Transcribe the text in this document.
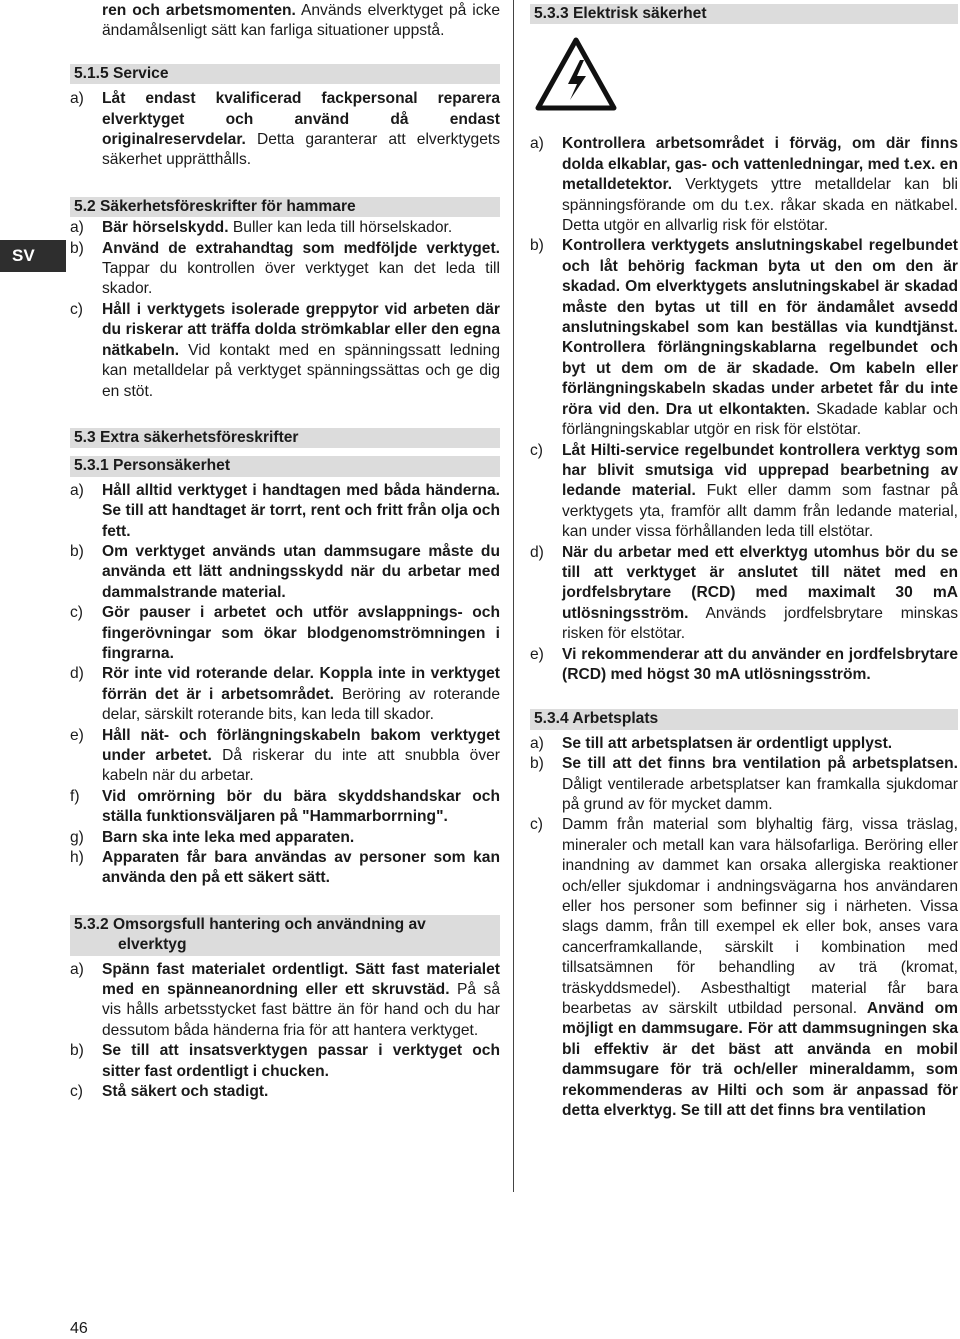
SV

ren och arbetsmomenten. Används elverktyget på icke ändamålsenligt sätt kan farliga situationer uppstå.

5.1.5 Service
a)	Låt endast kvalificerad fackpersonal reparera elverktyget och använd då endast originalreservdelar. Detta garanterar att elverktygets säkerhet upprätthålls.
5.2 Säkerhetsföreskrifter för hammare
a)	Bär hörselskydd. Buller kan leda till hörselskador.
b)	Använd de extrahandtag som medföljde verktyget. Tappar du kontrollen över verktyget kan det leda till skador.
c)	Håll i verktygets isolerade greppytor vid arbeten där du riskerar att träffa dolda strömkablar eller den egna nätkabeln. Vid kontakt med en spänningssatt ledning kan metalldelar på verktyget spänningssättas och ge dig en stöt.
5.3 Extra säkerhetsföreskrifter
5.3.1 Personsäkerhet
a)	Håll alltid verktyget i handtagen med båda händerna. Se till att handtaget är torrt, rent och fritt från olja och fett.
b)	Om verktyget används utan dammsugare måste du använda ett lätt andningsskydd när du arbetar med dammalstrande material.
c)	Gör pauser i arbetet och utför avslappnings- och fingerövningar som ökar blodgenomströmningen i fingrarna.
d)	Rör inte vid roterande delar. Koppla inte in verktyget förrän det är i arbetsområdet. Beröring av roterande delar, särskilt roterande bits, kan leda till skador.
e)	Håll nät- och förlängningskabeln bakom verktyget under arbetet. Då riskerar du inte att snubbla över kabeln när du arbetar.
f)	Vid omrörning bör du bära skyddshandskar och ställa funktionsväljaren på "Hammarborrning".
g)	Barn ska inte leka med apparaten.
h)	Apparaten får bara användas av personer som kan använda den på ett säkert sätt.
5.3.2 Omsorgsfull hantering och användning av
elverktyg
a)	Spänn fast materialet ordentligt. Sätt fast materialet med en spänneanordning eller ett skruvstäd. På så vis hålls arbetsstycket fast bättre än för hand och du har dessutom båda händerna fria för att hantera verktyget.
b)	Se till att insatsverktygen passar i verktyget och sitter fast ordentligt i chucken.
c)	Stå säkert och stadigt.
5.3.3 Elektrisk säkerhet
a)	Kontrollera arbetsområdet i förväg, om där finns dolda elkablar, gas- och vattenledningar, med t.ex. en metalldetektor. Verktygets yttre metalldelar kan bli spänningsförande om du t.ex. råkar skada en nätkabel. Detta utgör en allvarlig risk för elstötar.
b)	Kontrollera verktygets anslutningskabel regelbundet och låt behörig fackman byta ut den om den är skadad. Om elverktygets anslutningskabel är skadad måste den bytas ut till en för ändamålet avsedd anslutningskabel som kan beställas via kundtjänst. Kontrollera förlängningskablarna regelbundet och byt ut dem om de är skadade. Om kabeln eller förlängningskabeln skadas under arbetet får du inte röra vid den. Dra ut elkontakten. Skadade kablar och förlängningskablar utgör en risk för elstötar.
c)	Låt Hilti-service regelbundet kontrollera verktyg som har blivit smutsiga vid upprepad bearbetning av ledande material. Fukt eller damm som fastnar på verktygets yta, framför allt damm från ledande material, kan under vissa förhållanden leda till elstötar.
d)	När du arbetar med ett elverktyg utomhus bör du se till att verktyget är anslutet till nätet med en jordfelsbrytare (RCD) med maximalt 30 mA utlösningsström. Används jordfelsbrytare minskas risken för elstötar.
e)	Vi rekommenderar att du använder en jordfelsbrytare (RCD) med högst 30 mA utlösningsström.
5.3.4 Arbetsplats
a)	Se till att arbetsplatsen är ordentligt upplyst.
b)	Se till att det finns bra ventilation på arbetsplatsen. Dåligt ventilerade arbetsplatser kan framkalla sjukdomar på grund av för mycket damm.
c)	Damm från material som blyhaltig färg, vissa träslag, mineraler och metall kan vara hälsofarliga. Beröring eller inandning av dammet kan orsaka allergiska reaktioner och/eller sjukdomar i andningsvägarna hos användaren eller hos personer som befinner sig i närheten. Vissa slags damm, från till exempel ek eller bok, anses vara cancerframkallande, särskilt i kombination med tillsatsämnen för behandling av trä (kromat, träskyddsmedel). Asbesthaltigt material får bara bearbetas av särskilt utbildad personal. Använd om möjligt en dammsugare. För att dammsugningen ska bli effektiv är det bäst att använda en mobil dammsugare för trä och/eller mineraldamm, som rekommenderas av Hilti och som är anpassad för detta elverktyg. Se till att det finns bra ventilation
46
